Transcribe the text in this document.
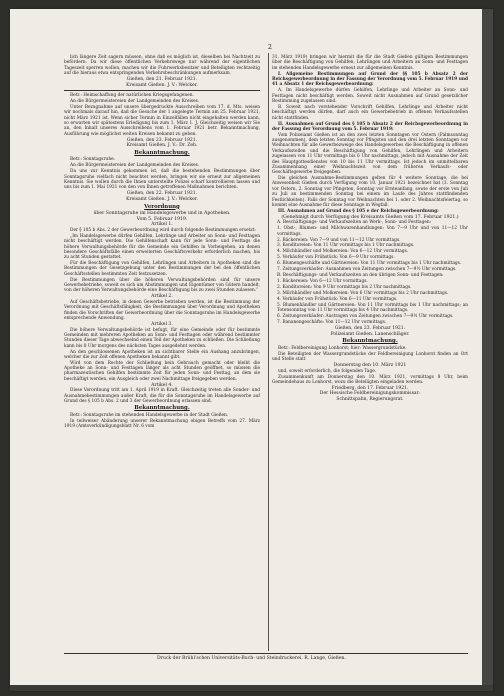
2
lich längere Zeit sagern müssen, ohne daß es möglich ist, dieselben bei Nachtzeit zu befördern. Da wir diese öffentlichen Verkehrswege nur während der eigentlichen Tageszeit sperren wollen, machen wir die Fuhrwerksbesitzer und Beteiligten rechtzeitig auf die hieraus etwa entspringenden Verkehrsbeschränkungen aufmerksam.
Gießen, den 21. Februar 1921.
Kreisamt Gießen. J. V.: Welcker.
Betr.: Heimschaffung der natürlichen Kriegsgefangenen.
An die Bürgermeistereien der Landgemeinden des Kreises.
Unter Bezugnahme auf unsere übergedruckte Ausschreiben vom 17. d. Mts. weisen wir nochmals darauf hin, daß die Gesuche der 1 angelegte Termin am 25. Februar 1921, nicht März 1921 ist. Wenn sicher Termin in Einzelfällen nicht eingehalten werden kann, so erwarten wir spätestens Erledigung bis zum 1. März 1. J. Gleichzeitig weisen wir Sie an, den Inhalt unseres Ausschreibens vom 1. Februar 1921 betr. Bekanntmachung, Ausführung wie möglichst weiten Kreisen bekannt zu geben.
Gießen, den 23. Februar 1921.
Kreisamt Gießen. J. V.: Dr. Zeh.
Bekanntmachung.
Betr.: Sonntagsruhe.
An die Bürgermeistereien der Landgemeinden des Kreises.
Da uns zur Kenntnis gekommen ist, daß die bestehenden Bestimmungen über Sonntagsruhe vielfach nicht beachtet werden, bringen wir sie erneut zur allgemeinen Kenntnis. Sie wollen durch die Ihnen unterstellte Polizei scharf kontrollieren lassen und uns bis zum 1. Mai 1921 von den von Ihnen getroffenen Maßnahmen berichten.
Gießen, den 22. Februar 1921.
Kreisamt Gießen. J. V.: Welcker.
Verordnung
über Sonntagsruhe im Handelsgewerbe und in Apotheken.
Vom 5. Februar 1919.
Artikel 1.
Der § 105 b Abs. 2 der Gewerbeordnung wird durch folgende Bestimmungen ersetzt:
„Im Handelsgewerbe dürfen Gehilfen, Lehrlinge und Arbeiter an Sonn- und Festtagen nicht beschäftigt werden. Die Gehilfenschaft kann für jede Sonn- und Festtags die höhere Verwaltungsbehörde für die Gemeinde ein Gehilfen in Vorbeigehen, an denen besondere Geschäftsfälle einen erweiterten Geschäftsverkehr erforderlich machen, bis zu acht Stunden gestattet.
Für die Beschäftigung von Gehilfen, Lehrlingen und Arbeitern in Apotheken sind die Bestimmungen der Gesetzgebung unter den Bestimmungen der bei den öffentlichen Geschäftsstellen bestimmten Zeit festzusetzen.
Die Bestimmungen über die höheren Verwaltungsbehörden sind für unsere Gewerbebetriebe, soweit es sich um Abstimmungen und Eigentümer von Gütern handelt, von der höheren Verwaltungsbehörde eine Beschäftigung bis zu zwei Stunden zulassen.“
Artikel 2.
Auf Geschäftsbetriebe, in denen Gewerbe betrieben werden, ist die Bestimmung der Verordnung mit Geschäftsfähigkeit, die Bestimmungen über Verordnung und Apotheken finden die Vorschriften der Gewerbeordnung über die Sonntagsruhe im Handelsgewerbe entsprechende Anwendung.
Artikel 3.
Die höhere Verwaltungsbehörde ist befugt, für eine Gemeinde oder für bestimmte Gemeinden mit mehreren Apotheken an Sonn- und Festtagen oder während bestimmter Stunden dieser Tage abwechselnd einen Teil der Apotheken zu schließen. Die Schließung kann bis 8 Uhr morgens des nächsten Tages ausgedehnt werden.
An den geschlossenen Apotheken ist an sichtbarer Stelle ein Aushang anzubringen, welcher die zur Zeit offenen Apotheken bekannt gibt.
Wird von dem Rechte der Schließung kein Gebrauch gemacht oder bleibt die Apotheke an Sonn- und Festtagen länger als acht Stunden geöffnet, so müssen die pharmazeutischen Gehilfen bestimmte Zeit für jeden Sonn- und Festtag, an dem sie beschäftigt werden, ein Ausgleich oder zwei Nachmittage freigegeben werden.
Artikel 4.
Diese Verordnung tritt am 1. April 1919 in Kraft. Gleichzeitig treten alle Sonder- und Ausnahmebestimmungen außer Kraft, die für die Sonntagsruhe im Handelsgewerbe auf Grund des § 105 b Abs. 2 und 3 der Gewerbeordnung erlassen sind.
Bekanntmachung.
Betr.: Sonntagsruhe im stehenden Handelsgewerbe in der Stadt Gießen.
In teilweiser Abänderung unserer Bekanntmachung obigen Betreffs vom 27. März 1919 (Amtsverkündigungsblatt Nr. 6 vom
31. März 1919) bringen wir hiermit die für die Stadt Gießen gültigen Bestimmungen über die Beschäftigung von Gehilfen, Lehrlingen und Arbeitern an Sonn- und Festtagen im stehenden Handelsgewerbe erneut zur allgemeinen Kenntnis.
I. Allgemeine Bestimmungen auf Grund der §§ 105 b Absatz 2 der Reichsgewerbeordnung in der Fassung der Verordnung vom 5. Februar 1919 und 41 a Absatz 1 der Reichsgewerbeordnung:
A. Im Handelsgewerbe dürfen Gehilfen, Lehrlinge und Arbeiter an Sonn- und Festtagen nicht beschäftigt werden. Soweit nicht Ausnahmen auf Grund gesetzlicher Bestimmung zugelassen sind.
B. Soweit nach vorstehender Vorschrift Gehilfen, Lehrlinge und Arbeiter nicht beschäftigt werden dürfen, darf auch ein Gewerbebetrieb in offenen Verkaufsstellen nicht stattfinden.
II. Ausnahmen auf Grund des § 105 b Absatz 2 der Reichsgewerbeordnung in der Fassung der Verordnung vom 5. Februar 1919:
Vom Polizeiamt Gießen ist an den zwei letzten Sonntagen vor Ostern (Palmsonntag ausgenommen), dem letzten Sonntag vor Pfingsten und den drei letzten Sonntagen vor Weihnachten für alle Gewerbezweige des Handelsgewerbes die Beschäftigung in offenen Verkaufsstellen und die Beschäftigung von Gehilfen, Lehrlingen und Arbeitern zugelassen von 11 Uhr vormittags bis 6 Uhr nachmittags, jedoch mit Ausnahme der Zeit des Hauptgottesdienstes von 10 bis 11 Uhr vormittags. Ist jedoch im unmittelbaren Zusammenhang einer Weihnachtszeit von dem früheren Verkaufs- oder Geschäftsgewerbe freigegeben.
Die gleichen Ausnahme-Bestimmungen gelten für 4 weitere Sonntage, die bei Anwesenheit Gießen durch Verfügung vom 10. Januar 1921 bezeichnet hat (3. Sonntag vor Ostern, 2. Sonntag vor Pfingsten, Sonntag vor Ernteanfang, sowie der erste von Juli zu Juli an bestimmenden Sonntag bei einem im Laufe des Jahres stattfindenden Festlichkeiten). Falls der Sonntag vor Weihnachten bei 1. oder 2. Weihnachtsfeiertag, so kommt eine Ausnahme für diese Sonntage in Wegfall.
III. Ausnahmen auf Grund des § 105 e der Reichsgewerbeordnung:
(Genehmigt durch Verfügung des Kreisamts Gießen vom 17. Februar 1921.)
A. Beschäftigungs- und Verkaufszeiten an Werk-, Sonn- und Festtagen:
1. Obst-, Blumen- und Milchwarenhandlungen: Von 7—9 Uhr und von 11—12 Uhr vormittags.
2. Bäckereien: Von 7—9 und von 11—12 Uhr vormittags.
3. Konditoreien: Von 11 Uhr vormittags bis 1 Uhr nachmittags.
4. Milchhändler und Molkereien: Von 6—12 Uhr vormittags.
5. Verkäufer von Frühstück: Von 6—9 Uhr vormittags.
6. Blumengeschäfte und Gärtnereien: Von 11 Uhr vormittags bis 1 Uhr nachmittags.
7. Zeitungsverkäufer: Ausnahmen von Zeitungen zwischen 7—9½ Uhr vormittags.
B. Beschäftigungs- und Verkaufszeiten an den übrigen Sonn- und Festtagen:
1. Bäckereien: Von 6—12 Uhr vormittags.
2. Konditoreien: Von 9 Uhr vormittags bis 2 Uhr nachmittags.
3. Milchhändler und Molkereien: Von 6 Uhr vormittags bis 2 Uhr nachmittags.
4. Verkäufer von Frühstück: Von 6—11 Uhr vormittags.
5. Blumenhändler und Gärtnereien: Von 11 Uhr vormittags bis 1 Uhr nachmittags; an Totensonntag von 11 Uhr vormittags bis 4 Uhr nachmittags.
6. Zeitungsverkäufer: Austragen von Zeitungen zwischen 7—9½ Uhr vormittags.
7. Bananengeschäfte: Von 11—12 Uhr vormittags.
Gießen, den 23. Februar 1921.
Polizeiamt Gießen. Lanenschläger.
Bekanntmachung.
Betr.: Feldbereinigung Lonhorst; hier: Wassergrundstücke.
Die Beteiligten der Wassergrundstücke der Feldbereinigung Lonhorst finden an Ort und Stelle statt
Donnerstag den 10. März 1921
und, soweit erforderlich, die folgenden Tage.
Zusammenkunft am Donnerstag den 10. März 1921, vormittags 8 Uhr, beim Gemeindehaus zu Lonhorst, wozu die Beteiligten eingeladen werden.
Friedberg, den 17. Februar 1921.
Der Hessische Feldbereinigungskommissar:
Schnittspahn, Regierungsrat.
Druck der Brühl’schen Universitäts-Buch- und Steindruckerei. R. Lange, Gießen.
